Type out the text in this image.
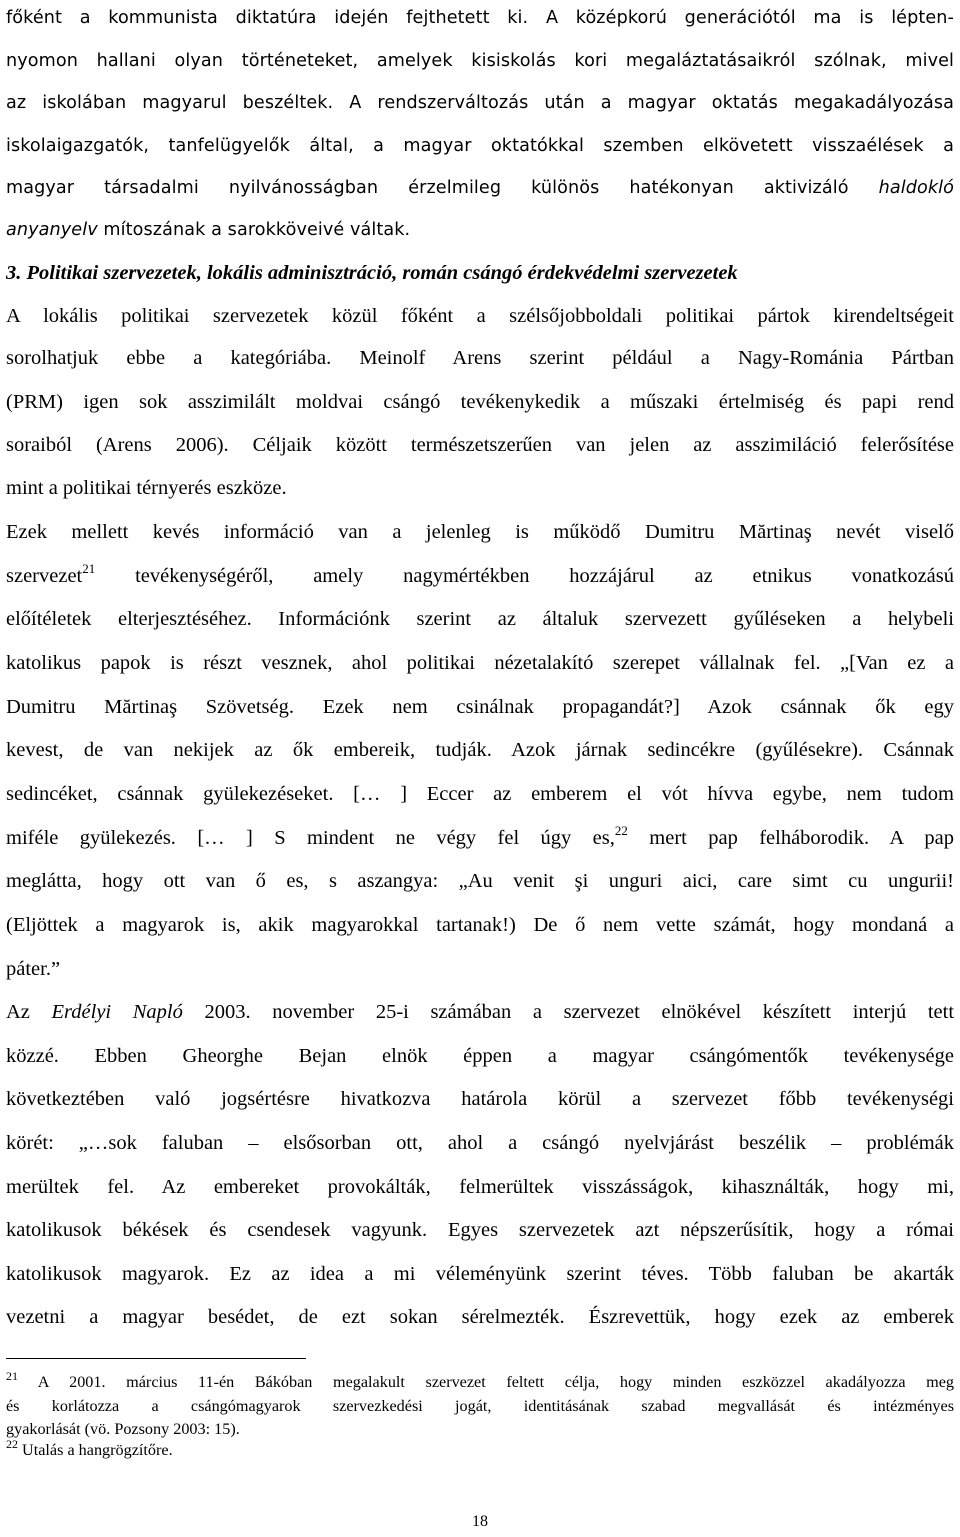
főként a kommunista diktatúra idején fejthetett ki. A középkorú generációtól ma is lépten-

nyomon hallani olyan történeteket, amelyek kisiskolás kori megaláztatásaikról szólnak, mivel

az iskolában magyarul beszéltek. A rendszerváltozás után a magyar oktatás megakadályozása

iskolaigazgatók, tanfelügyelők által, a magyar oktatókkal szemben elkövetett visszaélések a

magyar társadalmi nyilvánosságban érzelmileg különös hatékonyan aktivizáló haldokló

anyanyelv mítoszának a sarokköveivé váltak.

3. Politikai szervezetek, lokális adminisztráció, román csángó érdekvédelmi szervezetek

A lokális politikai szervezetek közül főként a szélsőjobboldali politikai pártok kirendeltségeit

sorolhatjuk ebbe a kategóriába. Meinolf Arens szerint például a Nagy-Románia Pártban

(PRM) igen sok asszimilált moldvai csángó tevékenykedik a műszaki értelmiség és papi rend

soraiból (Arens 2006). Céljaik között természetszerűen van jelen az asszimiláció felerősítése

mint a politikai térnyerés eszköze.

Ezek mellett kevés információ van a jelenleg is működő Dumitru Mărtinaş nevét viselő

szervezet$^{21}$ tevékenységéről, amely nagymértékben hozzájárul az etnikus vonatkozású

előítéletek elterjesztéséhez. Információnk szerint az általuk szervezett gyűléseken a helybeli

katolikus papok is részt vesznek, ahol politikai nézetalakító szerepet vállalnak fel. „[Van ez a

Dumitru Mărtinaş Szövetség. Ezek nem csinálnak propagandát?] Azok csánnak ők egy

kevest, de van nekijek az ők embereik, tudják. Azok járnak sedincékre (gyűlésekre). Csánnak

sedincéket, csánnak gyülekezéseket. [… ] Eccer az emberem el vót hívva egybe, nem tudom

miféle gyülekezés. [… ] S mindent ne végy fel úgy es,$^{22}$ mert pap felháborodik. A pap

meglátta, hogy ott van ő es, s aszangya: „Au venit şi unguri aici, care simt cu ungurii!

(Eljöttek a magyarok is, akik magyarokkal tartanak!) De ő nem vette számát, hogy mondaná a

páter.”

Az Erdélyi Napló 2003. november 25-i számában a szervezet elnökével készített interjú tett

közzé. Ebben Gheorghe Bejan elnök éppen a magyar csángómentők tevékenysége

következtében való jogsértésre hivatkozva határola körül a szervezet főbb tevékenységi

körét: „…sok faluban – elsősorban ott, ahol a csángó nyelvjárást beszélik – problémák

merültek fel. Az embereket provokálták, felmerültek visszásságok, kihasználták, hogy mi,

katolikusok békések és csendesek vagyunk. Egyes szervezetek azt népszerűsítik, hogy a római

katolikusok magyarok. Ez az idea a mi véleményünk szerint téves. Több faluban be akarták

vezetni a magyar besédet, de ezt sokan sérelmezték. Észrevettük, hogy ezek az emberek

$^{21}$ A 2001. március 11-én Bákóban megalakult szervezet feltett célja, hogy minden eszközzel akadályozza meg

és korlátozza a csángómagyarok szervezkedési jogát, identitásának szabad megvallását és intézményes

gyakorlását (vö. Pozsony 2003: 15).

$^{22}$ Utalás a hangrögzítőre.

18
